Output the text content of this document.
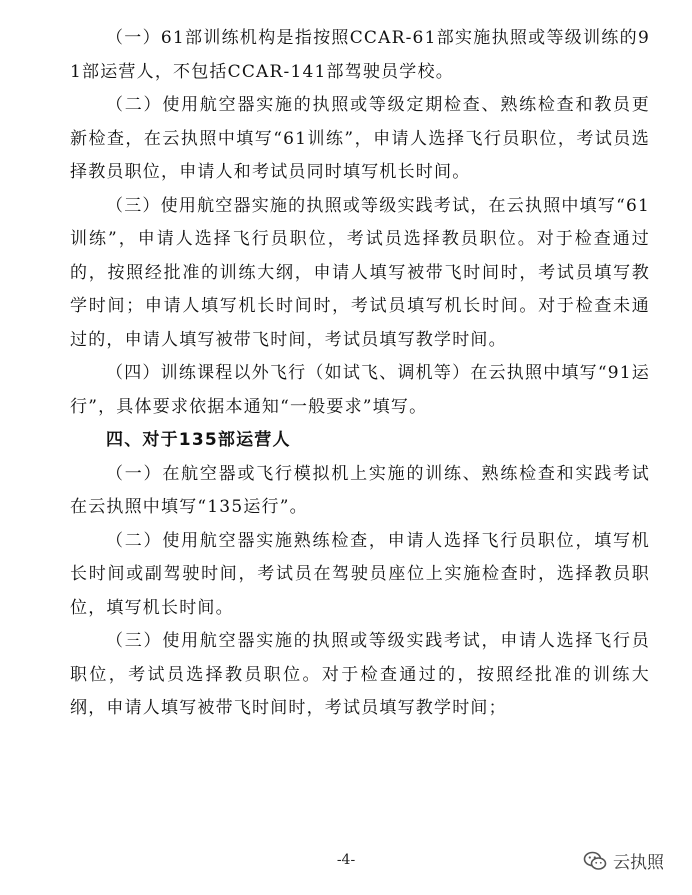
（一）61部训练机构是指按照CCAR-61部实施执照或等级训练的91部运营人，不包括CCAR-141部驾驶员学校。

（二）使用航空器实施的执照或等级定期检查、熟练检查和教员更新检查，在云执照中填写“61训练”，申请人选择飞行员职位，考试员选择教员职位，申请人和考试员同时填写机长时间。

（三）使用航空器实施的执照或等级实践考试，在云执照中填写“61训练”，申请人选择飞行员职位，考试员选择教员职位。对于检查通过的，按照经批准的训练大纲，申请人填写被带飞时间时，考试员填写教学时间；申请人填写机长时间时，考试员填写机长时间。对于检查未通过的，申请人填写被带飞时间，考试员填写教学时间。

（四）训练课程以外飞行（如试飞、调机等）在云执照中填写“91运行”，具体要求依据本通知“一般要求”填写。

四、对于135部运营人

（一）在航空器或飞行模拟机上实施的训练、熟练检查和实践考试在云执照中填写“135运行”。

（二）使用航空器实施熟练检查，申请人选择飞行员职位，填写机长时间或副驾驶时间，考试员在驾驶员座位上实施检查时，选择教员职位，填写机长时间。

（三）使用航空器实施的执照或等级实践考试，申请人选择飞行员职位，考试员选择教员职位。对于检查通过的，按照经批准的训练大纲，申请人填写被带飞时间时，考试员填写教学时间；

-4-	云执照
